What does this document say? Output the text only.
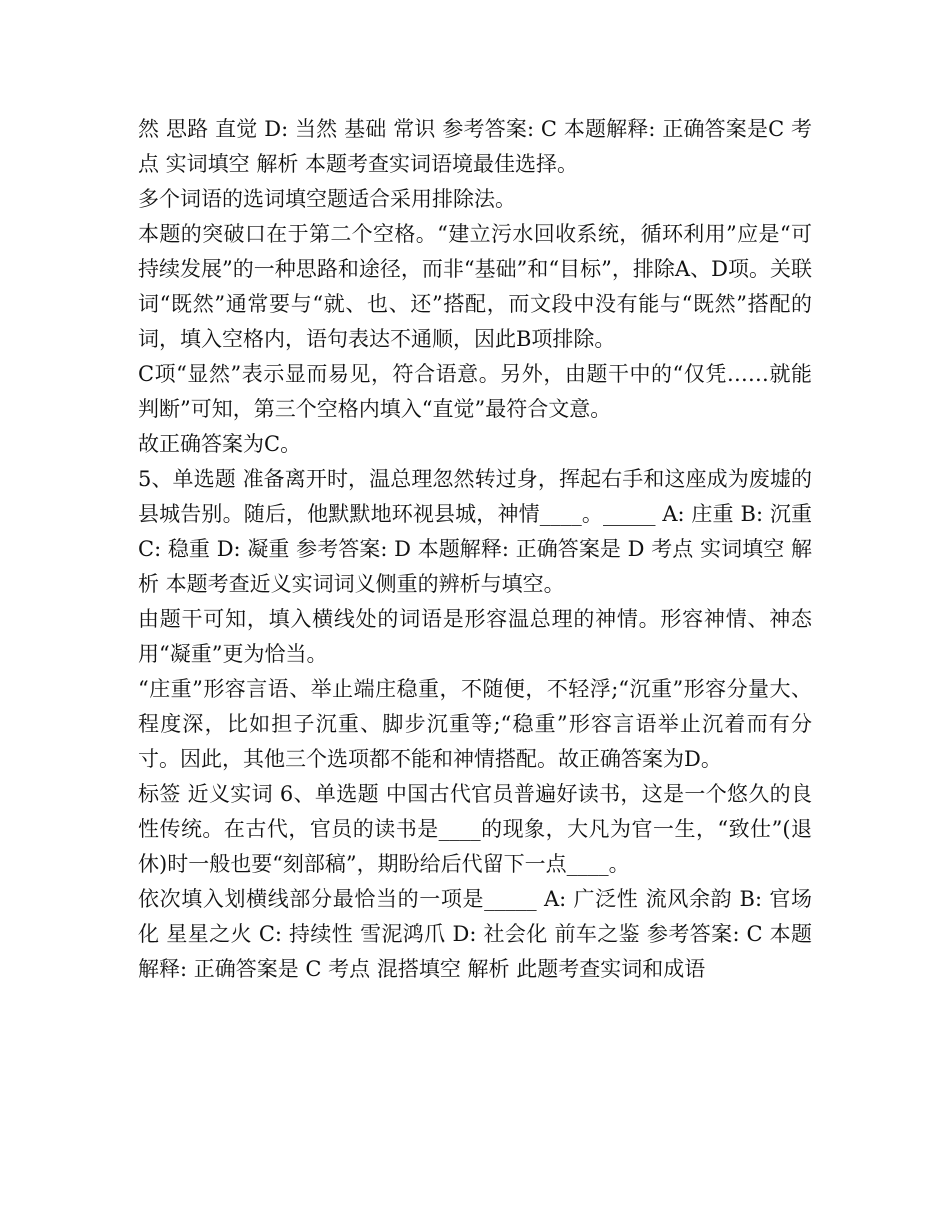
然 思路 直觉 D: 当然 基础 常识 参考答案: C 本题解释: 正确答案是C 考点 实词填空 解析 本题考查实词语境最佳选择。

多个词语的选词填空题适合采用排除法。

本题的突破口在于第二个空格。“建立污水回收系统，循环利用”应是“可持续发展”的一种思路和途径，而非“基础”和“目标”，排除A、D项。关联词“既然”通常要与“就、也、还”搭配，而文段中没有能与“既然”搭配的词，填入空格内，语句表达不通顺，因此B项排除。

C项“显然”表示显而易见，符合语意。另外，由题干中的“仅凭……就能判断”可知，第三个空格内填入“直觉”最符合文意。

故正确答案为C。

5、单选题 准备离开时，温总理忽然转过身，挥起右手和这座成为废墟的县城告别。随后，他默默地环视县城，神情____。_____ A: 庄重 B: 沉重 C: 稳重 D: 凝重 参考答案: D 本题解释: 正确答案是 D 考点 实词填空 解析 本题考查近义实词词义侧重的辨析与填空。

由题干可知，填入横线处的词语是形容温总理的神情。形容神情、神态用“凝重”更为恰当。

“庄重”形容言语、举止端庄稳重，不随便，不轻浮;“沉重”形容分量大、程度深，比如担子沉重、脚步沉重等;“稳重”形容言语举止沉着而有分寸。因此，其他三个选项都不能和神情搭配。故正确答案为D。

标签 近义实词 6、单选题 中国古代官员普遍好读书，这是一个悠久的良性传统。在古代，官员的读书是____的现象，大凡为官一生，“致仕”(退休)时一般也要“刻部稿”，期盼给后代留下一点____。

依次填入划横线部分最恰当的一项是_____ A: 广泛性 流风余韵 B: 官场化 星星之火 C: 持续性 雪泥鸿爪 D: 社会化 前车之鉴 参考答案: C 本题解释: 正确答案是 C 考点 混搭填空 解析 此题考查实词和成语
